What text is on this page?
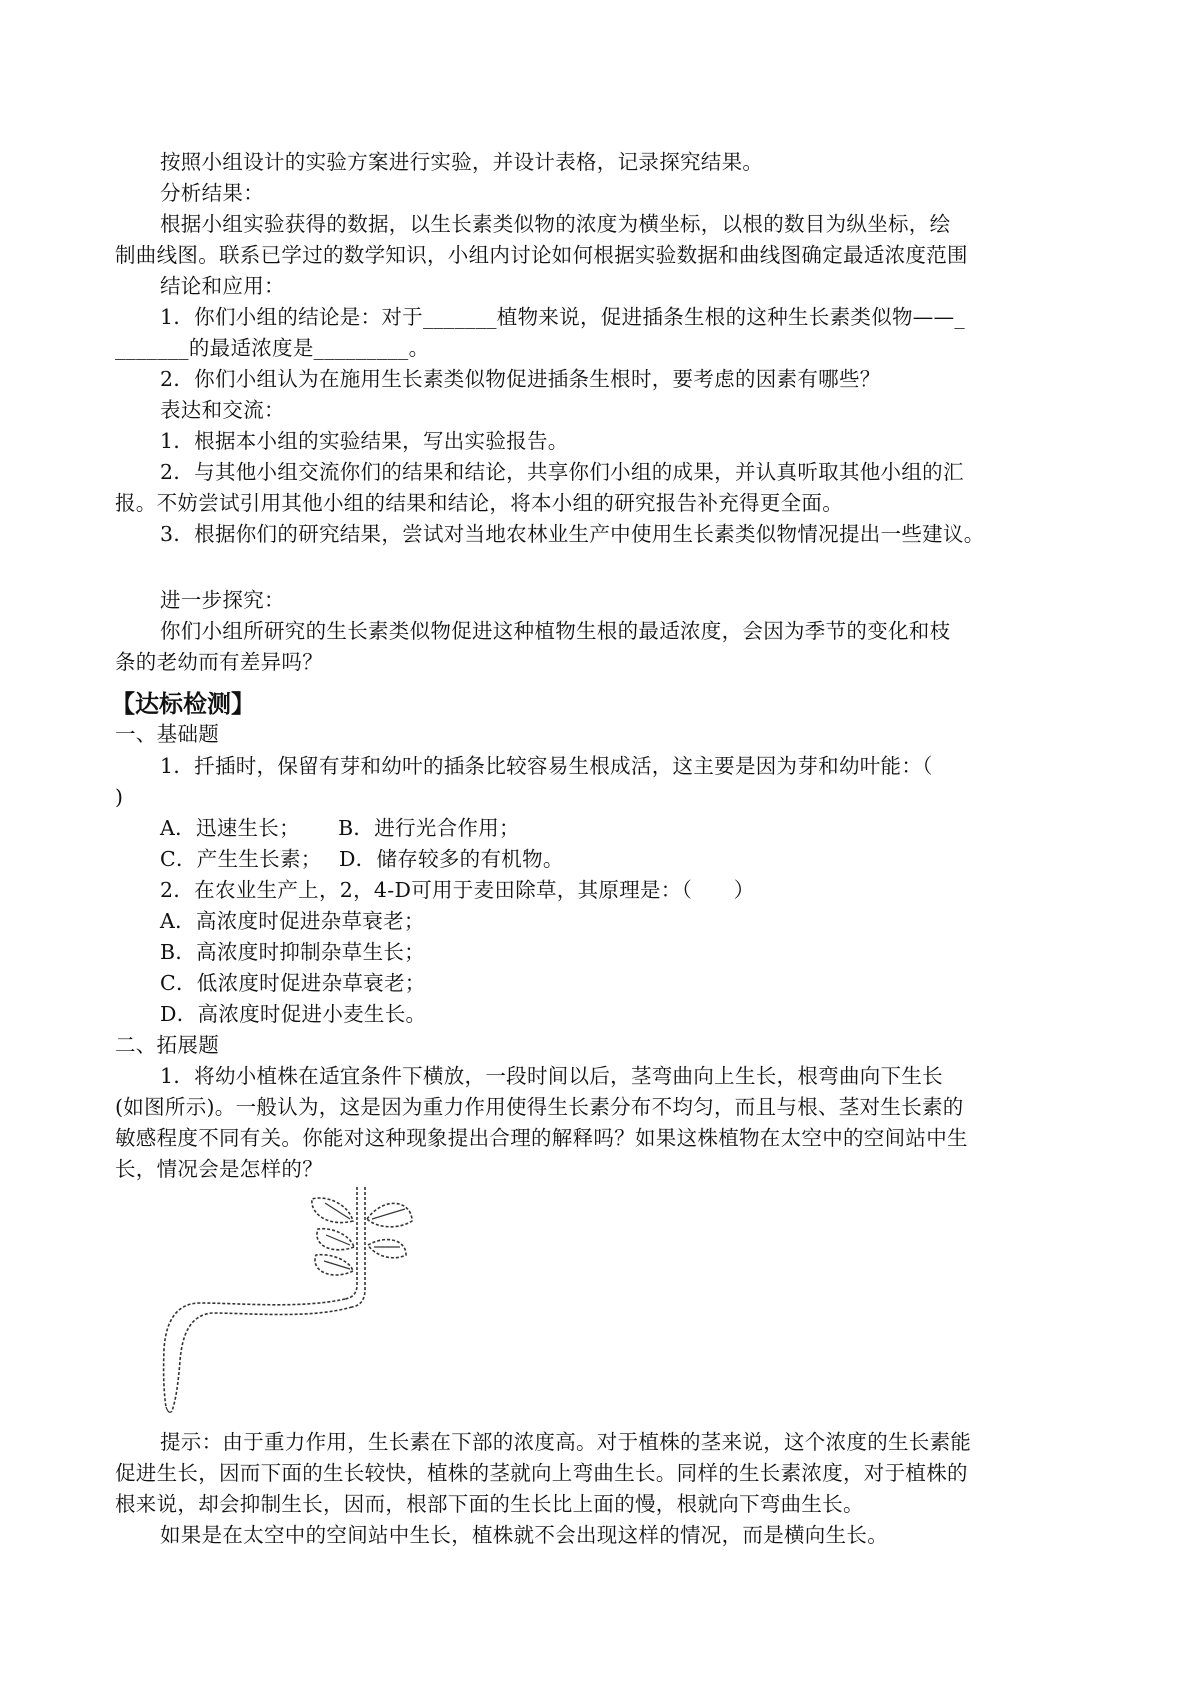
按照小组设计的实验方案进行实验，并设计表格，记录探究结果。
分析结果：
根据小组实验获得的数据，以生长素类似物的浓度为横坐标，以根的数目为纵坐标，绘
制曲线图。联系已学过的数学知识，小组内讨论如何根据实验数据和曲线图确定最适浓度范围
结论和应用：
1．你们小组的结论是：对于_______植物来说，促进插条生根的这种生长素类似物——_
_______的最适浓度是_________。
2．你们小组认为在施用生长素类似物促进插条生根时，要考虑的因素有哪些？
表达和交流：
1．根据本小组的实验结果，写出实验报告。
2．与其他小组交流你们的结果和结论，共享你们小组的成果，并认真听取其他小组的汇
报。不妨尝试引用其他小组的结果和结论，将本小组的研究报告补充得更全面。
3．根据你们的研究结果，尝试对当地农林业生产中使用生长素类似物情况提出一些建议。
进一步探究：
你们小组所研究的生长素类似物促进这种植物生根的最适浓度，会因为季节的变化和枝
条的老幼而有差异吗？
【达标检测】
一、基础题
1．扦插时，保留有芽和幼叶的插条比较容易生根成活，这主要是因为芽和幼叶能：（
)
A．迅速生长；　　 B．进行光合作用；
C．产生生长素；　 D．储存较多的有机物。
2．在农业生产上，2，4-D可用于麦田除草，其原理是：（　　）
A．高浓度时促进杂草衰老；
B．高浓度时抑制杂草生长；
C．低浓度时促进杂草衰老；
D．高浓度时促进小麦生长。
二、拓展题
1．将幼小植株在适宜条件下横放，一段时间以后，茎弯曲向上生长，根弯曲向下生长
(如图所示)。一般认为，这是因为重力作用使得生长素分布不均匀，而且与根、茎对生长素的
敏感程度不同有关。你能对这种现象提出合理的解释吗？如果这株植物在太空中的空间站中生
长，情况会是怎样的？
提示：由于重力作用，生长素在下部的浓度高。对于植株的茎来说，这个浓度的生长素能
促进生长，因而下面的生长较快，植株的茎就向上弯曲生长。同样的生长素浓度，对于植株的
根来说，却会抑制生长，因而，根部下面的生长比上面的慢，根就向下弯曲生长。
如果是在太空中的空间站中生长，植株就不会出现这样的情况，而是横向生长。
